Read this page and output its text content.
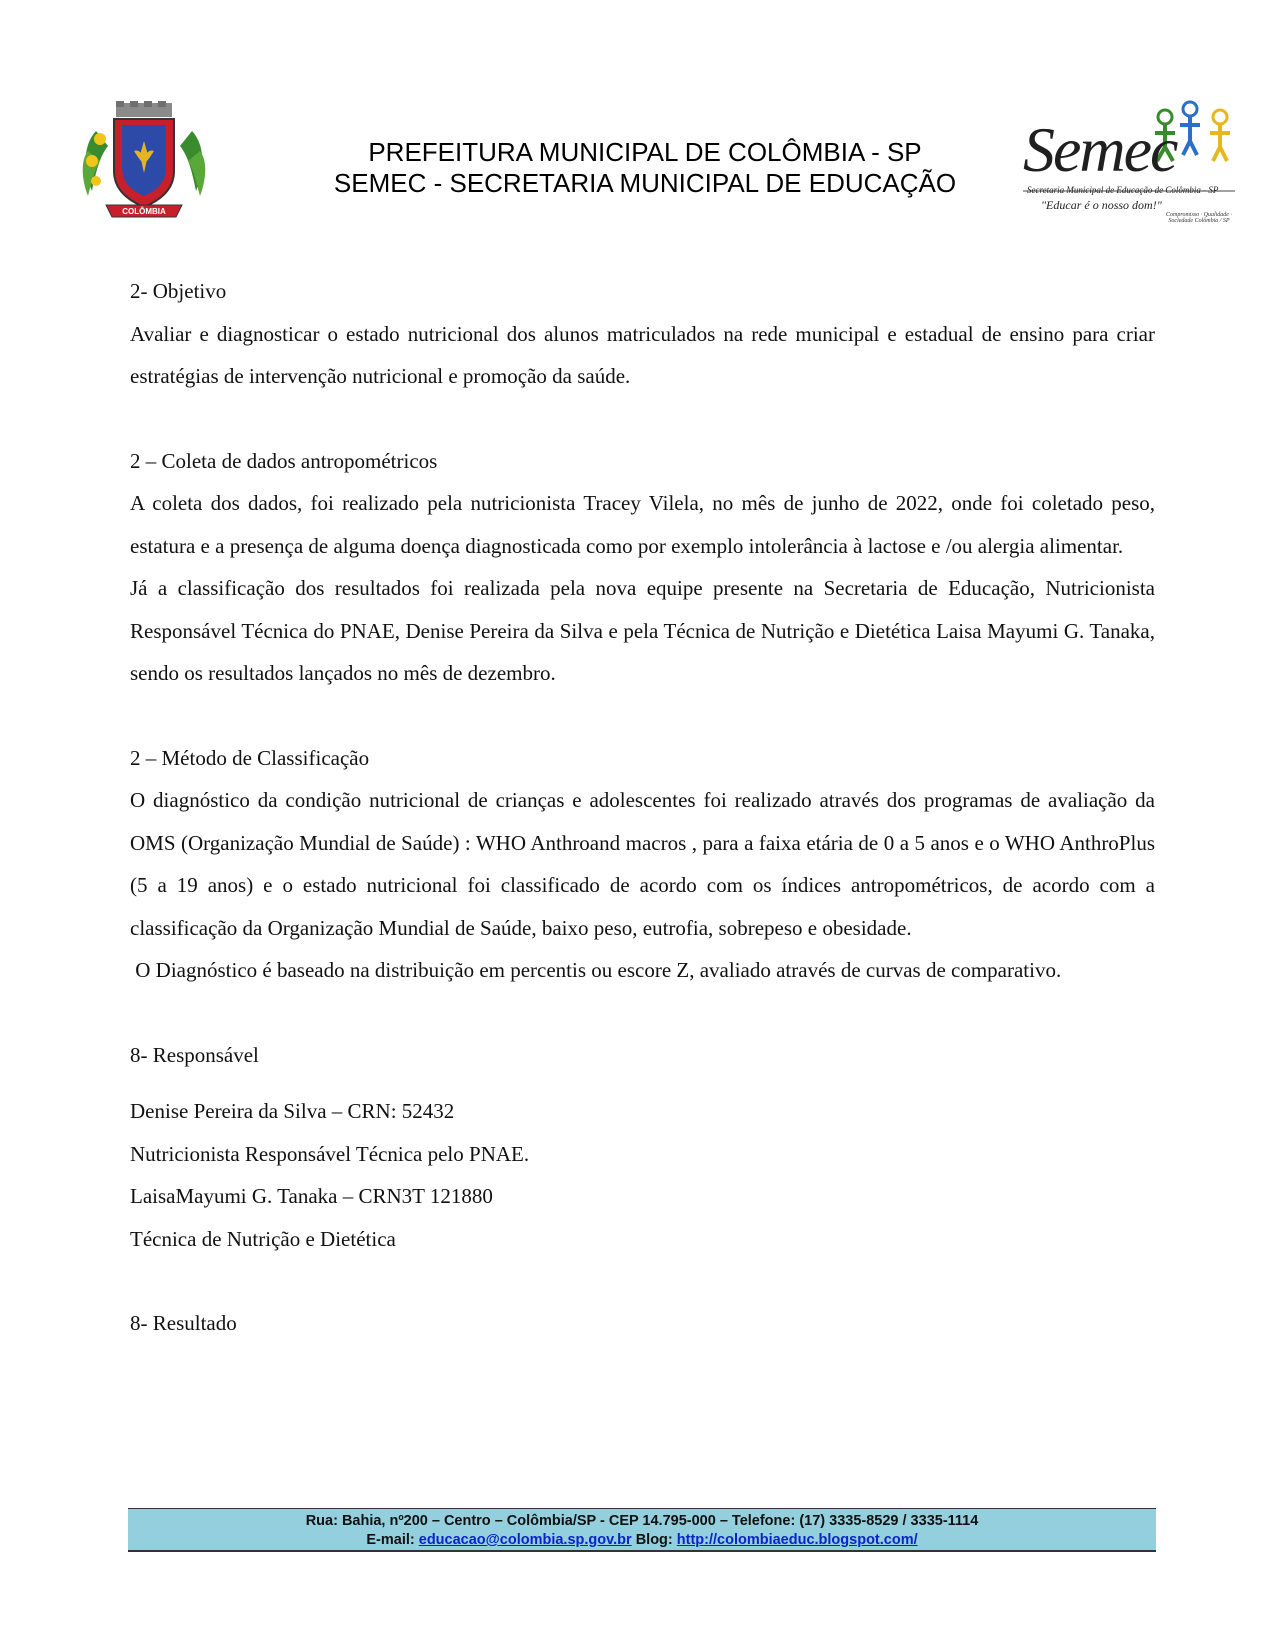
COLÔMBIA
PREFEITURA MUNICIPAL DE COLÔMBIA - SP
SEMEC - SECRETARIA MUNICIPAL DE EDUCAÇÃO	Semec
Secretaria Municipal de Educação de Colômbia - SP
"Educar é o nosso dom!"
Compromisso · Qualidade · Sociedade Colômbia / SP

2- Objetivo

Avaliar e diagnosticar o estado nutricional dos alunos matriculados na rede municipal e estadual de ensino para criar estratégias de intervenção nutricional e promoção da saúde.

2 – Coleta de dados antropométricos

A coleta dos dados, foi realizado pela nutricionista Tracey Vilela, no mês de junho de 2022, onde foi coletado peso, estatura e a presença de alguma doença diagnosticada como por exemplo intolerância à lactose e /ou alergia alimentar.

Já a classificação dos resultados foi realizada pela nova equipe presente na Secretaria de Educação, Nutricionista Responsável Técnica do PNAE, Denise Pereira da Silva e pela Técnica de Nutrição e Dietética Laisa Mayumi G. Tanaka, sendo os resultados lançados no mês de dezembro.

2 – Método de Classificação

O diagnóstico da condição nutricional de crianças e adolescentes foi realizado através dos programas de avaliação da OMS (Organização Mundial de Saúde) : WHO Anthroand macros , para a faixa etária de 0 a 5 anos e o WHO AnthroPlus (5 a 19 anos) e o estado nutricional foi classificado de acordo com os índices antropométricos, de acordo com a classificação da Organização Mundial de Saúde, baixo peso, eutrofia, sobrepeso e obesidade.

O Diagnóstico é baseado na distribuição em percentis ou escore Z, avaliado através de curvas de comparativo.

8- Responsável

Denise Pereira da Silva – CRN: 52432

Nutricionista Responsável Técnica pelo PNAE.

LaisaMayumi G. Tanaka – CRN3T 121880

Técnica de Nutrição e Dietética

8- Resultado

Rua: Bahia, nº200 – Centro – Colômbia/SP - CEP 14.795-000 – Telefone: (17) 3335-8529 / 3335-1114
E-mail: educacao@colombia.sp.gov.br Blog: http://colombiaeduc.blogspot.com/
